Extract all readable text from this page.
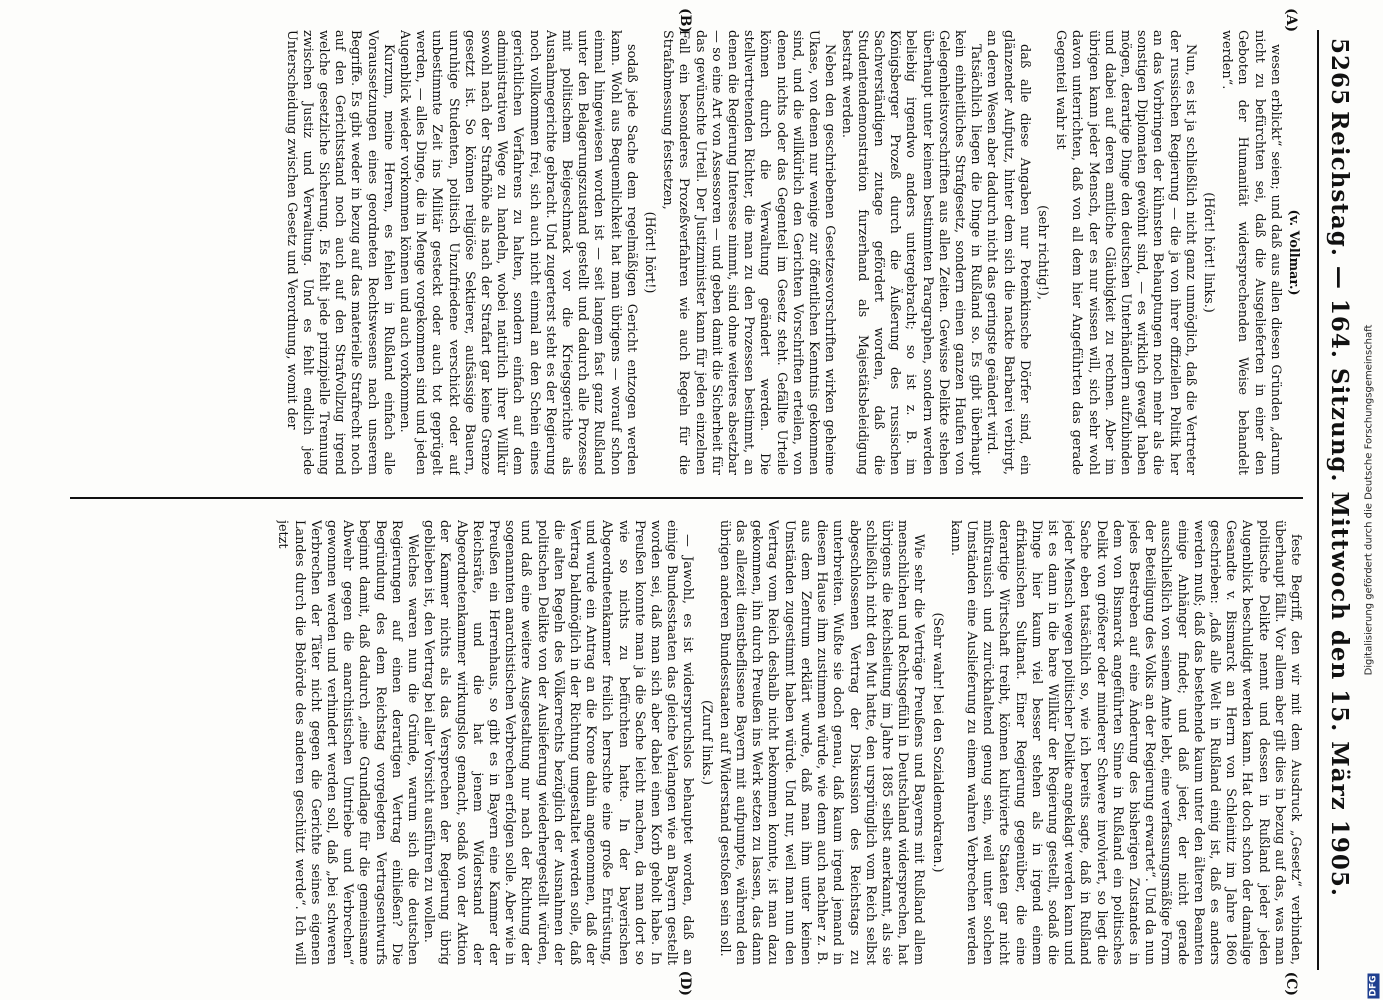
5265
Reichstag. — 164. Sitzung. Mittwoch den 15. März 1905.

(v. Vollmar.)

wesen erblickt“ seien; und daß aus allen diesen Gründen „darum nicht zu befürchten sei, daß die Ausgelieferten in einer den Geboten der Humanität widersprechenden Weise behandelt werden“.

(Hört! hört! links.)

Nun, es ist ja schließlich nicht ganz unmöglich, daß die Vertreter der russischen Regierung — die ja von ihrer offiziellen Politik her an das Vorbringen der kühnsten Behauptungen noch mehr als die sonstigen Diplomaten gewöhnt sind, — es wirklich gewagt haben mögen, derartige Dinge den deutschen Unterhändlern aufzubinden und dabei auf deren amtliche Gläubigkeit zu rechnen. Aber im übrigen kann jeder Mensch, der es nur wissen will, sich sehr wohl davon unterrichten, daß von all dem hier Angeführten das gerade Gegenteil wahr ist

(sehr richtig!),

daß alle diese Angaben nur Potemkinsche Dörfer sind, ein glänzender Aufputz, hinter dem sich die nackte Barbarei verbirgt, an deren Wesen aber dadurch nicht das geringste geändert wird.

Tatsächlich liegen die Dinge in Rußland so. Es gibt überhaupt kein einheitliches Strafgesetz, sondern einen ganzen Haufen von Gelegenheitsvorschriften aus allen Zeiten. Gewisse Delikte stehen überhaupt unter keinem bestimmten Paragraphen, sondern werden beliebig irgendwo anders untergebracht; so ist z. B. im Königsberger Prozeß durch die Äußerung des russischen Sachverständigen zutage gefördert worden, daß die Studentendemonstration furzerhand als Majestätsbeleidigung bestraft werden.

Neben den geschriebenen Gesetzesvorschriften wirken geheime Ukase, von denen nur wenige zur öffentlichen Kenntnis gekommen sind, und die willkürlich den Gerichten Vorschriften erteilen, von denen nichts oder das Gegenteil im Gesetz steht. Gefällte Urteile können durch die Verwaltung geändert werden. Die stellvertretenden Richter, die man zu den Prozessen bestimmt, an denen die Regierung Interesse nimmt, sind ohne weiteres absetzbar — so eine Art von Assessoren — und geben damit die Sicherheit für das gewünschte Urteil. Der Justizminister kann für jeden einzelnen Fall ein besonderes Prozeßverfahren wie auch Regeln für die Strafabmessung festsetzen,

(Hört! hört!)

sodaß jede Sache dem regelmäßigen Gericht entzogen werden kann. Wohl aus Bequemlichkeit hat man übrigens — worauf schon einmal hingewiesen worden ist — seit langem fast ganz Rußland unter den Belagerungszustand gestellt und dadurch alle Prozesse mit politischem Beigeschmack vor die Kriegsgerichte als Ausnahmegerichte gebracht. Und zugerterst steht es der Regierung noch vollkommen frei, sich auch nicht einmal an den Schein eines gerichtlichen Verfahrens zu halten, sondern einfach auf dem administrativen Wege zu handeln, wobei natürlich ihrer Willkür sowohl nach der Strafhöhe als nach der Strafart gar keine Grenze gesetzt ist. So können religiöse Sektierer, aufsässige Bauern, unruhige Studenten, politisch Unzufriedene verschickt oder auf unbestimmte Zeit ins Militär gesteckt oder auch tot geprügelt werden, — alles Dinge, die in Menge vorgekommen sind und jeden Augenblick wieder vorkommen können und auch vorkommen.

Kurzum, meine Herren, es fehlen in Rußland einfach alle Voraussetzungen eines geordneten Rechtswesens nach unserem Begriffe. Es gibt weder in bezug auf das materielle Strafrecht noch auf den Gerichtsstand noch auch auf den Strafvollzug irgend welche gesetzliche Sicherung. Es fehlt jede prinzipielle Trennung zwischen Justiz und Verwaltung. Und es fehlt endlich jede Unterscheidung zwischen Gesetz und Verordnung, womit der

feste Begriff, den wir mit dem Ausdruck „Gesetz“ verbinden, überhaupt fällt. Vor allem aber gilt dies in bezug auf das, was man politische Delikte nennt und dessen in Rußland jeder jeden Augenblick beschuldigt werden kann. Hat doch schon der damalige Gesandte v. Bismarck an Herrn von Schleinitz im Jahre 1860 geschrieben: „daß alle Welt in Rußland einig ist, daß es anders werden muß; daß das bestehende kaum unter den älteren Beamten einige Anhänger findet; und daß jeder, der nicht gerade ausschließlich von seinem Amte lebt, eine verfassungsmäßige Form der Beteiligung des Volks an der Regierung erwartet“. Und da nun jedes Bestreben auf eine Änderung des bisherigen Zustandes in dem von Bismarck angeführten Sinne in Rußland ein politisches Delikt von größerer oder minderer Schwere involviert, so liegt die Sache eben tatsächlich so, wie ich bereits sagte, daß in Rußland jeder Mensch wegen politischer Delikte angeklagt werden kann und ist es dann in die bare Willkür der Regierung gestellt, sodaß die Dinge hier kaum viel besser stehen als in irgend einem afrikanischen Sultanat. Einer Regierung gegenüber, die eine derartige Wirtschaft treibt, können kultivierte Staaten gar nicht mißtrauisch und zurückhaltend genug sein, weil unter solchen Umständen eine Auslieferung zu einem wahren Verbrechen werden kann.

(Sehr wahr! bei den Sozialdemokraten.)

Wie sehr die Verträge Preußens und Bayerns mit Rußland allem menschlichen und Rechtsgefühl in Deutschland widersprechen, hat übrigens die Reichsleitung im Jahre 1885 selbst anerkannt, als sie schließlich nicht den Mut hatte, den ursprünglich vom Reich selbst abgeschlossenen Vertrag der Diskussion des Reichstags zu unterbreiten. Wußte sie doch genau, daß kaum irgend jemand in diesem Hause ihm zustimmen würde, wie denn auch nachher z. B. aus dem Zentrum erklärt wurde, daß man ihm unter keinen Umständen zugestimmt haben würde. Und nur, weil man nun den Vertrag vom Reich deshalb nicht bekommen konnte, ist man dazu gekommen, ihn durch Preußen ins Werk setzen zu lassen, das dann das allezeit dienstbeflissene Bayern mit aufpumpte, während den übrigen anderen Bundesstaaten auf Widerstand gestoßen sein soll.

(Zuruf links.)

— Jawohl, es ist widerspruchslos behauptet worden, daß an einige Bundesstaaten das gleiche Verlangen wie an Bayern gestellt worden sei, daß man sich aber dabei einen Korb geholt habe. In Preußen konnte man ja die Sache leicht machen, da man dort so wie so nichts zu befürchten hatte. In der bayerischen Abgeordnetenkammer freilich herrschte eine große Entrüstung, und wurde ein Antrag an die Krone dahin angenommen, daß der Vertrag baldmöglich in der Richtung umgestaltet werden solle, daß die alten Regeln des Völkerrechts bezüglich der Ausnahmen der politischen Delikte von der Auslieferung wiederhergestellt würden, und daß eine weitere Ausgestaltung nur nach der Richtung der sogenannten anarchistischen Verbrechen erfolgen solle. Aber wie in Preußen ein Herrenhaus, so gibt es in Bayern eine Kammer der Reichsräte, und die hat jenem Widerstand der Abgeordnetenkammer wirkungslos gemacht, sodaß von der Aktion der Kammer nichts als das Versprechen der Regierung übrig geblieben ist, den Vertrag bei aller Vorsicht ausführen zu wollen.

Welches waren nun die Gründe, warum sich die deutschen Regierungen auf einen derartigen Vertrag einließen? Die Begründung des dem Reichstag vorgelegten Vertragsentwurfs beginnt damit, daß dadurch „eine Grundlage für die gemeinsame Abwehr gegen die anarchistischen Umtriebe und Verbrechen“ gewonnen werden und verhindert werden soll, daß „bei schweren Verbrechen der Täter nicht gegen die Gerichte seines eigenen Landes durch die Behörde des anderen geschützt werde“. Ich will jetzt

(A)
(B)
(C)
(D)
Digitalisierung gefördert durch die Deutsche Forschungsgemeinschaft
DFG
